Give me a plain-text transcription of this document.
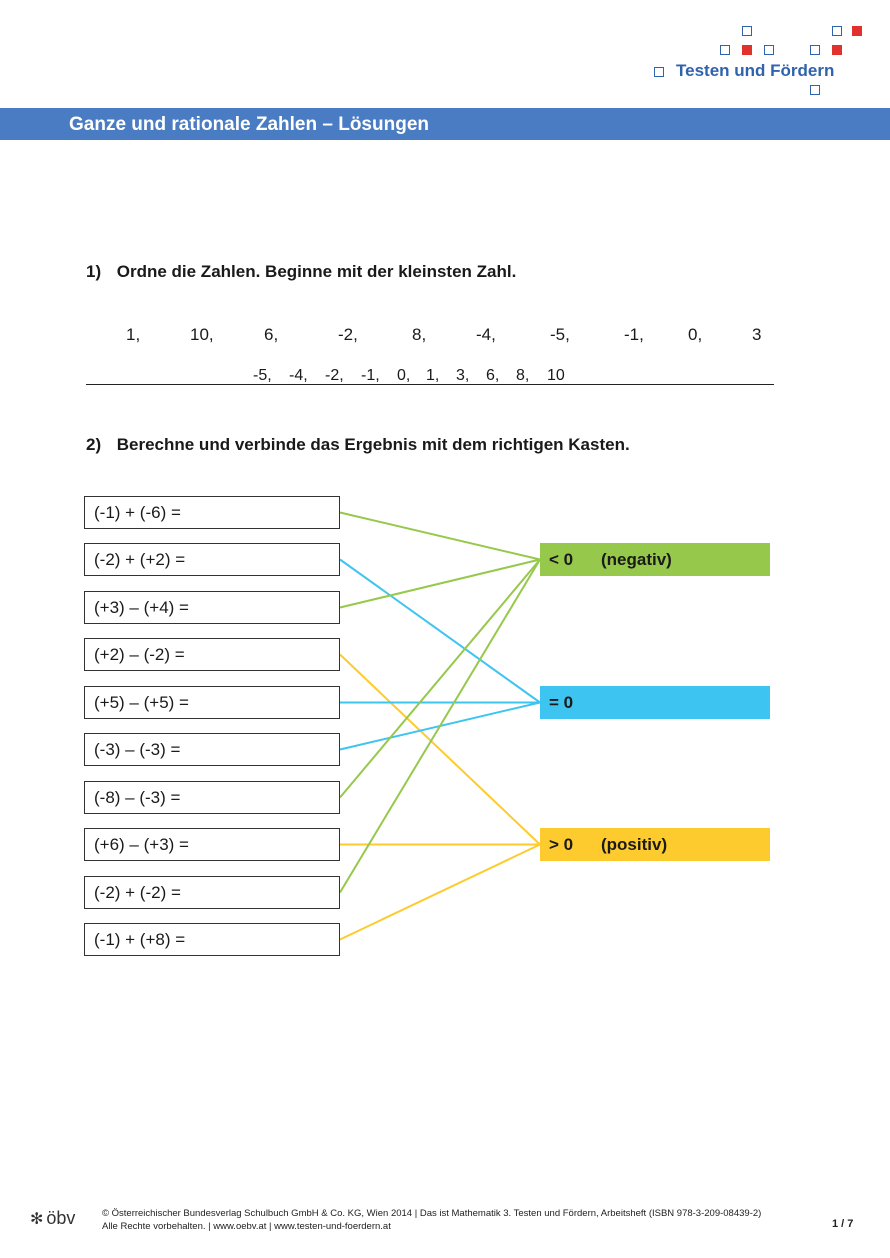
Testen und Fördern
Ganze und rationale Zahlen – Lösungen
1) Ordne die Zahlen. Beginne mit der kleinsten Zahl.
1,	10,	6,	-2,	8,	-4,	-5,	-1,	0,	3
-5, -4, -2, -1, 0, 1, 3, 6, 8, 10
2) Berechne und verbinde das Ergebnis mit dem richtigen Kasten.
(-1) + (-6) =
(-2) + (+2) =
(+3) – (+4) =
(+2) – (-2) =
(+5) – (+5) =
(-3) – (-3) =
(-8) – (-3) =
(+6) – (+3) =
(-2) + (-2) =
(-1) + (+8) =
< 0 (negativ)
= 0
> 0 (positiv)
✻ öbv	© Österreichischer Bundesverlag Schulbuch GmbH & Co. KG, Wien 2014 | Das ist Mathematik 3. Testen und Fördern, Arbeitsheft (ISBN 978-3-209-08439-2)
Alle Rechte vorbehalten. | www.oebv.at | www.testen-und-foerdern.at	1 / 7
